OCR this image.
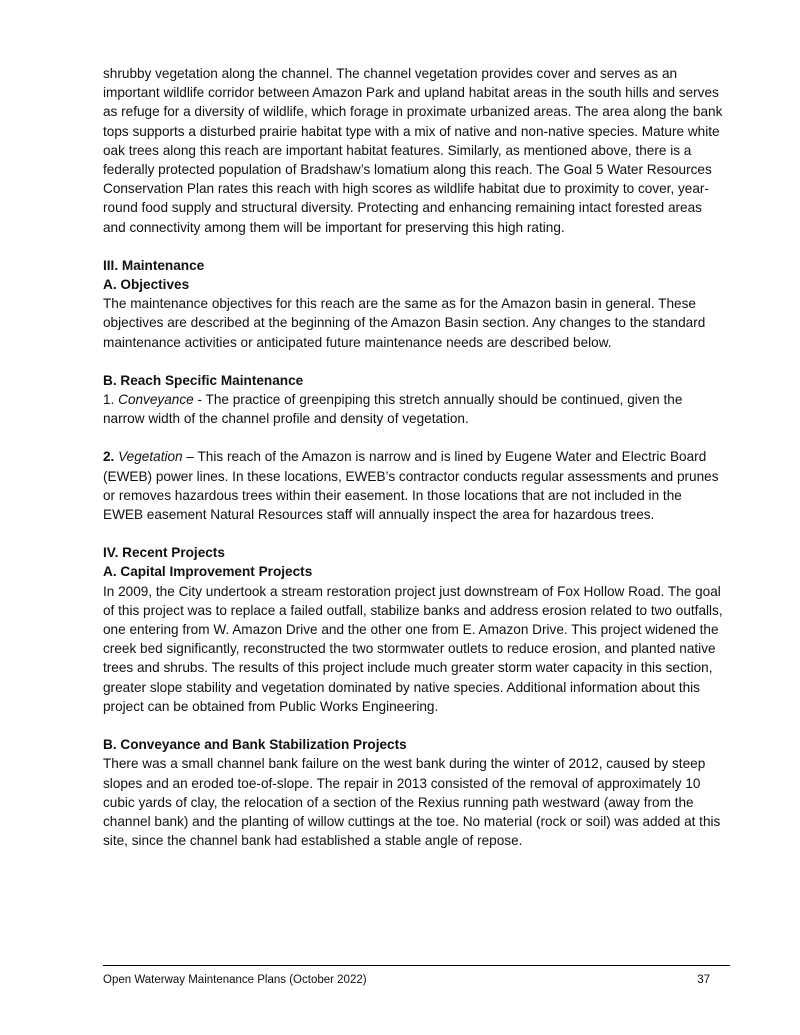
shrubby vegetation along the channel. The channel vegetation provides cover and serves as an important wildlife corridor between Amazon Park and upland habitat areas in the south hills and serves as refuge for a diversity of wildlife, which forage in proximate urbanized areas. The area along the bank tops supports a disturbed prairie habitat type with a mix of native and non-native species. Mature white oak trees along this reach are important habitat features. Similarly, as mentioned above, there is a federally protected population of Bradshaw’s lomatium along this reach. The Goal 5 Water Resources Conservation Plan rates this reach with high scores as wildlife habitat due to proximity to cover, year- round food supply and structural diversity. Protecting and enhancing remaining intact forested areas and connectivity among them will be important for preserving this high rating.

III. Maintenance

A. Objectives

The maintenance objectives for this reach are the same as for the Amazon basin in general. These objectives are described at the beginning of the Amazon Basin section. Any changes to the standard maintenance activities or anticipated future maintenance needs are described below.

B. Reach Specific Maintenance

1. Conveyance - The practice of greenpiping this stretch annually should be continued, given the narrow width of the channel profile and density of vegetation.

2. Vegetation – This reach of the Amazon is narrow and is lined by Eugene Water and Electric Board (EWEB) power lines. In these locations, EWEB’s contractor conducts regular assessments and prunes or removes hazardous trees within their easement. In those locations that are not included in the EWEB easement Natural Resources staff will annually inspect the area for hazardous trees.

IV. Recent Projects

A. Capital Improvement Projects

In 2009, the City undertook a stream restoration project just downstream of Fox Hollow Road. The goal of this project was to replace a failed outfall, stabilize banks and address erosion related to two outfalls, one entering from W. Amazon Drive and the other one from E. Amazon Drive. This project widened the creek bed significantly, reconstructed the two stormwater outlets to reduce erosion, and planted native trees and shrubs. The results of this project include much greater storm water capacity in this section, greater slope stability and vegetation dominated by native species. Additional information about this project can be obtained from Public Works Engineering.

B. Conveyance and Bank Stabilization Projects

There was a small channel bank failure on the west bank during the winter of 2012, caused by steep slopes and an eroded toe-of-slope. The repair in 2013 consisted of the removal of approximately 10 cubic yards of clay, the relocation of a section of the Rexius running path westward (away from the channel bank) and the planting of willow cuttings at the toe. No material (rock or soil) was added at this site, since the channel bank had established a stable angle of repose.

Open Waterway Maintenance Plans (October 2022)	37
